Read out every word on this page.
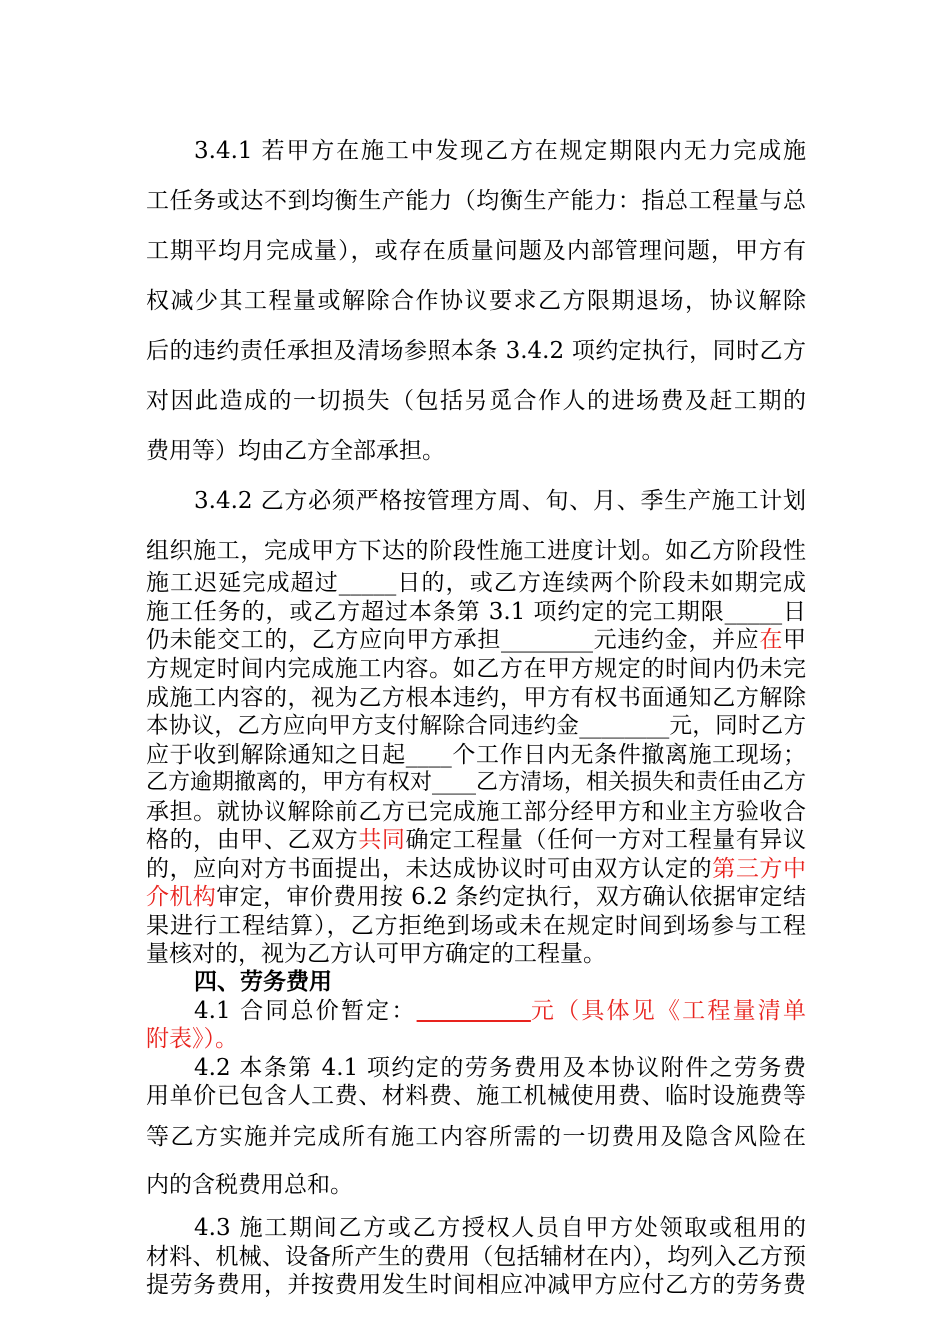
3.4.1 若甲方在施工中发现乙方在规定期限内无力完成施
工任务或达不到均衡生产能力（均衡生产能力：指总工程量与总
工期平均月完成量），或存在质量问题及内部管理问题，甲方有
权减少其工程量或解除合作协议要求乙方限期退场，协议解除
后的违约责任承担及清场参照本条 3.4.2 项约定执行，同时乙方
对因此造成的一切损失（包括另觅合作人的进场费及赶工期的
费用等）均由乙方全部承担。
3.4.2 乙方必须严格按管理方周、旬、月、季生产施工计划
组织施工，完成甲方下达的阶段性施工进度计划。如乙方阶段性
施工迟延完成超过_____日的，或乙方连续两个阶段未如期完成
施工任务的，或乙方超过本条第 3.1 项约定的完工期限_____日
仍未能交工的，乙方应向甲方承担________元违约金，并应在甲
方规定时间内完成施工内容。如乙方在甲方规定的时间内仍未完
成施工内容的，视为乙方根本违约，甲方有权书面通知乙方解除
本协议，乙方应向甲方支付解除合同违约金________元，同时乙方
应于收到解除通知之日起____个工作日内无条件撤离施工现场；
乙方逾期撤离的，甲方有权对____乙方清场，相关损失和责任由乙方
承担。就协议解除前乙方已完成施工部分经甲方和业主方验收合
格的，由甲、乙双方共同确定工程量（任何一方对工程量有异议
的，应向对方书面提出，未达成协议时可由双方认定的第三方中
介机构审定，审价费用按 6.2 条约定执行，双方确认依据审定结
果进行工程结算），乙方拒绝到场或未在规定时间到场参与工程
量核对的，视为乙方认可甲方确定的工程量。
四、劳务费用
4.1 合同总价暂定：	元（具体见《工程量清单
附表》）。
4.2 本条第 4.1 项约定的劳务费用及本协议附件之劳务费
用单价已包含人工费、材料费、施工机械使用费、临时设施费等
等乙方实施并完成所有施工内容所需的一切费用及隐含风险在
内的含税费用总和。
4.3 施工期间乙方或乙方授权人员自甲方处领取或租用的
材料、机械、设备所产生的费用（包括辅材在内），均列入乙方预
提劳务费用，并按费用发生时间相应冲减甲方应付乙方的劳务费
